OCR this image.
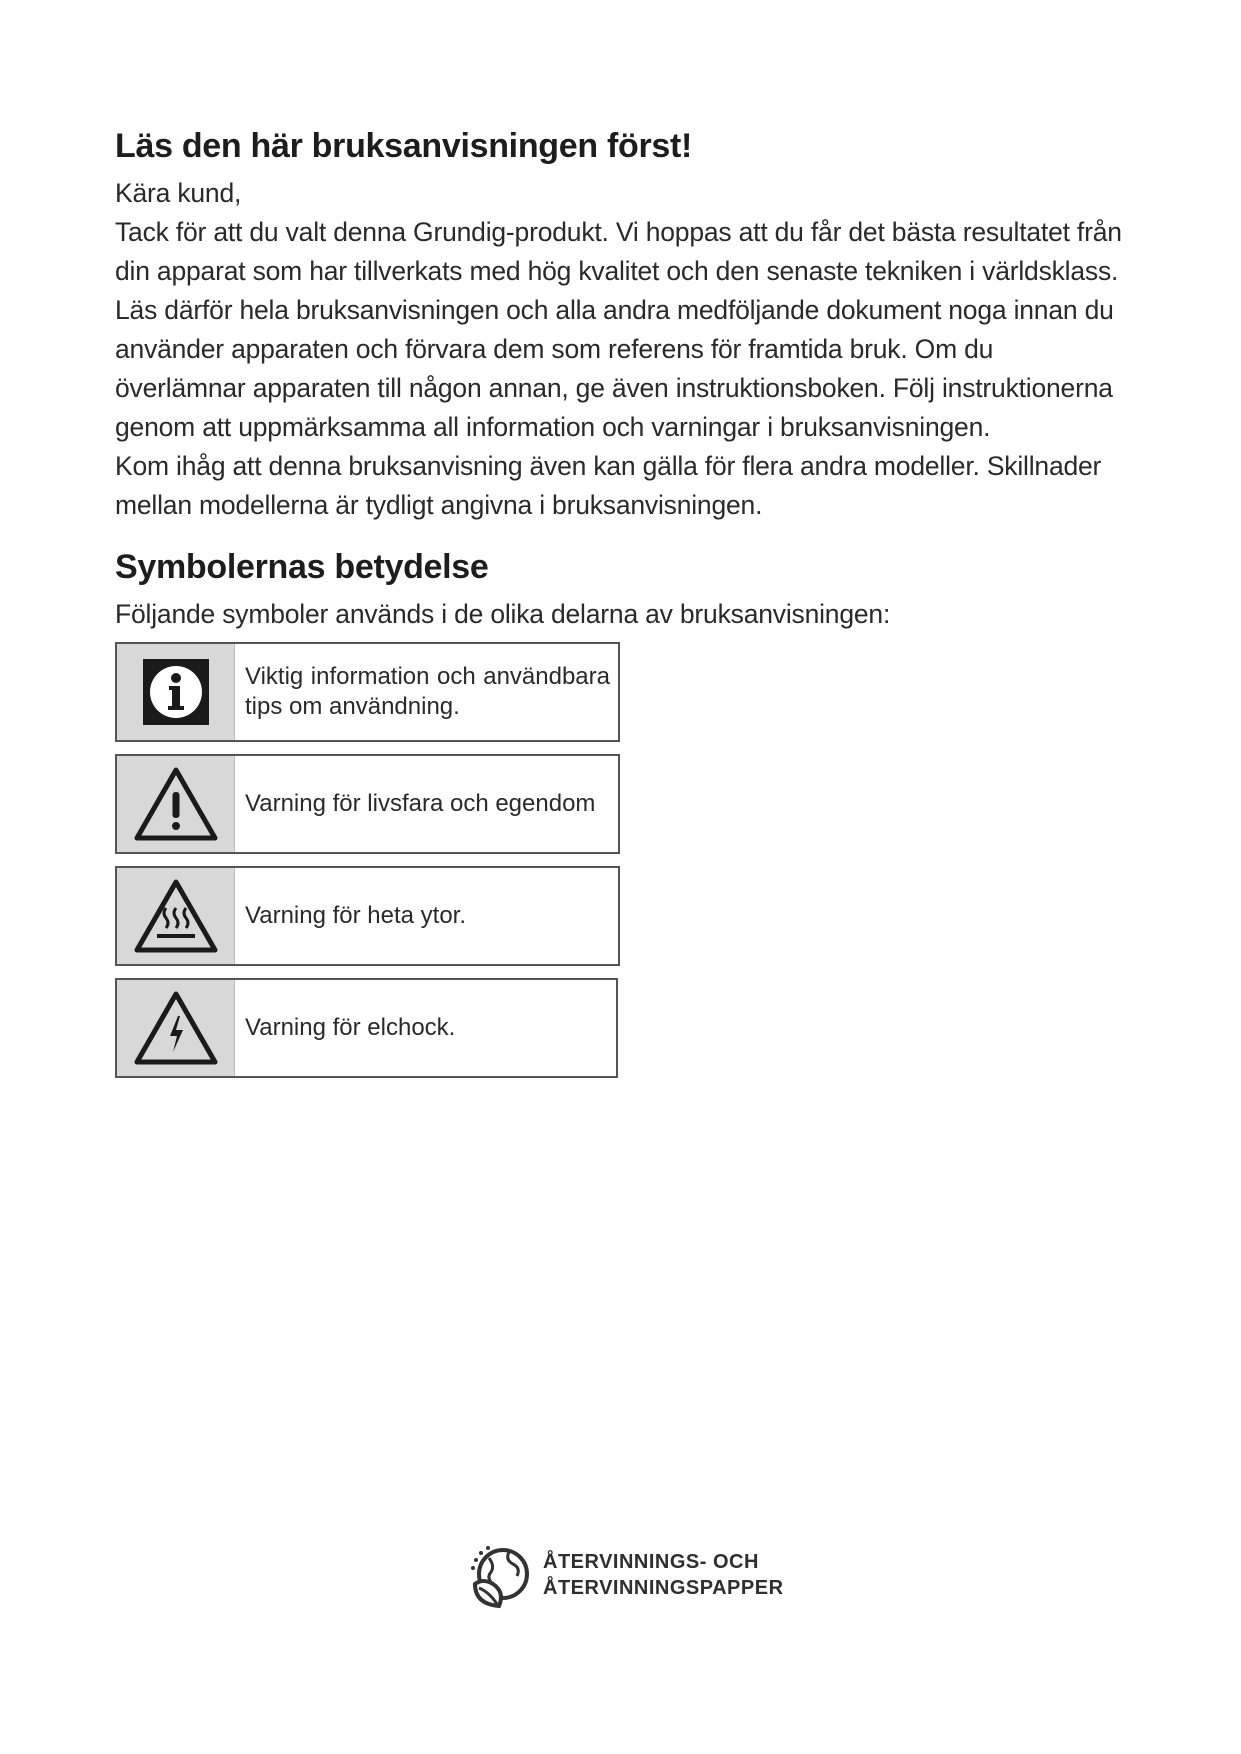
Läs den här bruksanvisningen först!

Kära kund,

Tack för att du valt denna Grundig-produkt. Vi hoppas att du får det bästa resultatet från din apparat som har tillverkats med hög kvalitet och den senaste tekniken i världsklass. Läs därför hela bruksanvisningen och alla andra medföljande dokument noga innan du använder apparaten och förvara dem som referens för framtida bruk. Om du överlämnar apparaten till någon annan, ge även instruktionsboken. Följ instruktionerna genom att uppmärksamma all information och varningar i bruksanvisningen.

Kom ihåg att denna bruksanvisning även kan gälla för flera andra modeller. Skillnader mellan modellerna är tydligt angivna i bruksanvisningen.

Symbolernas betydelse

Följande symboler används i de olika delarna av bruksanvisningen:

Viktig information och användbara tips om användning.
Varning för livsfara och egendom
Varning för heta ytor.
Varning för elchock.
ÅTERVINNINGS- OCH
ÅTERVINNINGSPAPPER
